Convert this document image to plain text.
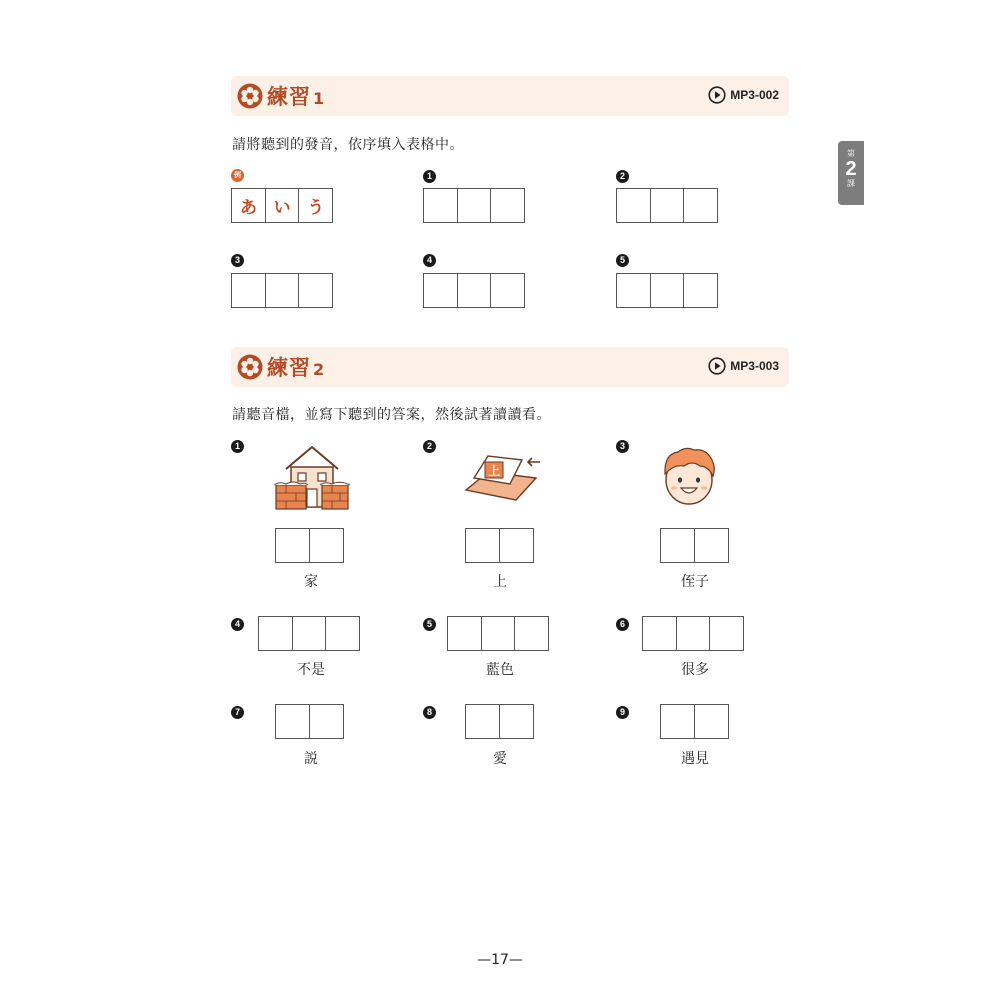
練習 1	MP3-002
請將聽到的發音，依序填入表格中。
例
あ い う
1	2
3	4	5
練習 2	MP3-003
請聽音檔，並寫下聽到的答案，然後試著讀讀看。
1
家
2
上
上
3
侄子
4
不是
5
藍色
6
很多
7
説
8
愛
9
遇見
第
2
課
—17—
